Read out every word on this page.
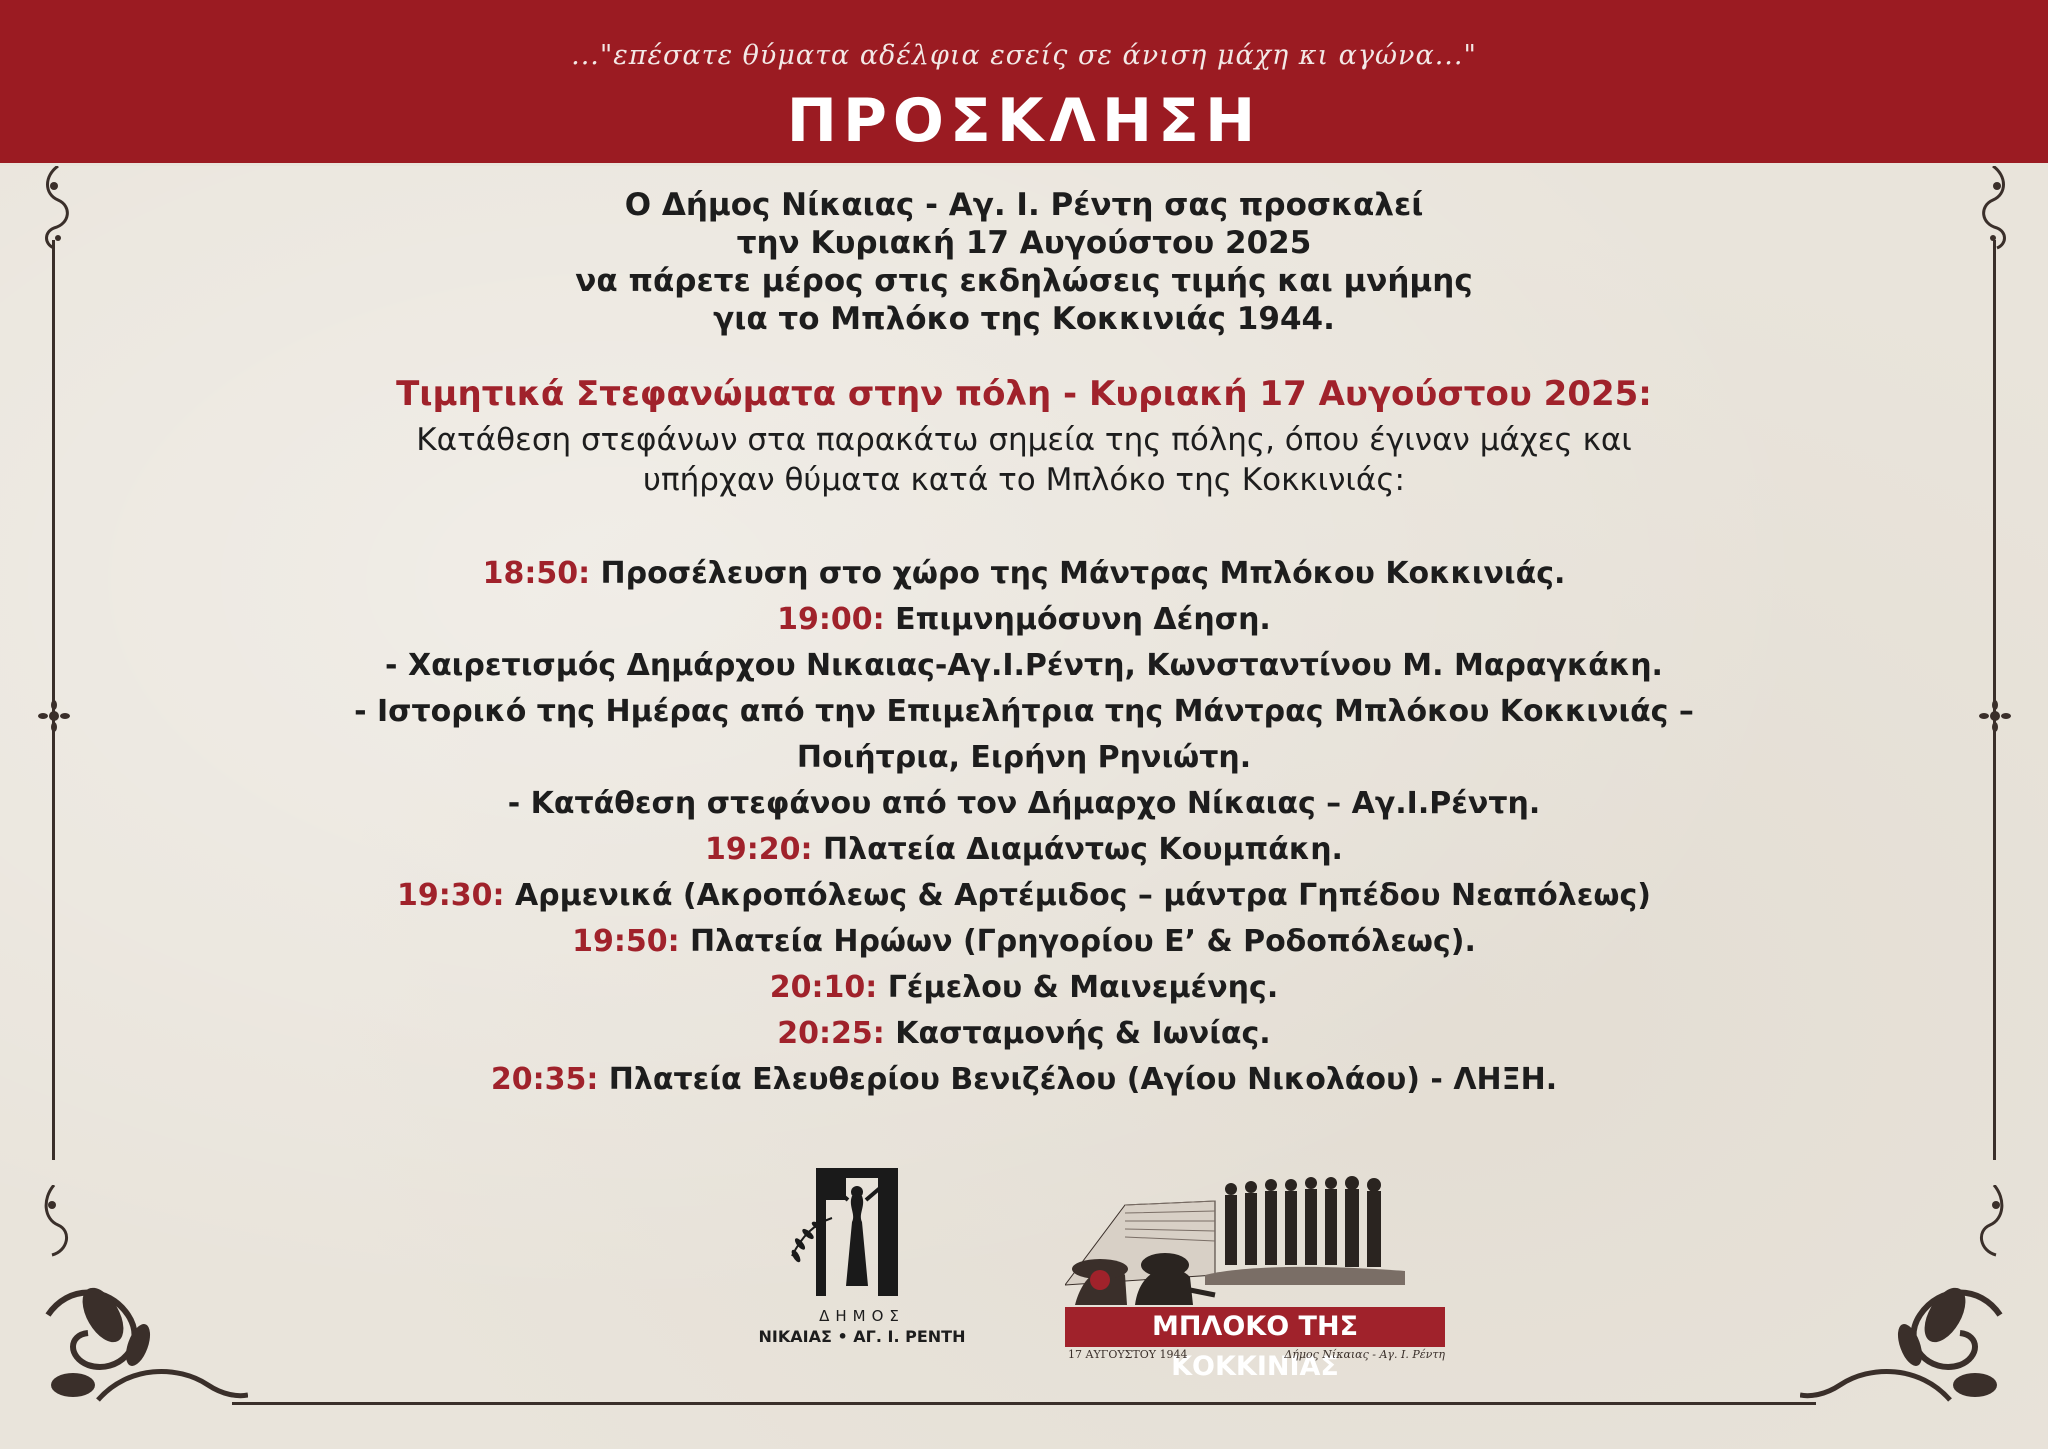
..."επέσατε θύματα αδέλφια εσείς σε άνιση μάχη κι αγώνα..."
ΠΡΟΣΚΛΗΣΗ
Ο Δήμος Νίκαιας - Αγ. Ι. Ρέντη σας προσκαλεί
την Κυριακή 17 Αυγούστου 2025
να πάρετε μέρος στις εκδηλώσεις τιμής και μνήμης
για το Μπλόκο της Κοκκινιάς 1944.
Τιμητικά Στεφανώματα στην πόλη - Κυριακή 17 Αυγούστου 2025:
Κατάθεση στεφάνων στα παρακάτω σημεία της πόλης, όπου έγιναν μάχες και
υπήρχαν θύματα κατά το Μπλόκο της Κοκκινιάς:
18:50: Προσέλευση στο χώρο της Μάντρας Μπλόκου Κοκκινιάς.
19:00: Επιμνημόσυνη Δέηση.
- Χαιρετισμός Δημάρχου Νικαιας-Αγ.Ι.Ρέντη, Κωνσταντίνου Μ. Μαραγκάκη.
- Ιστορικό της Ημέρας από την Επιμελήτρια της Μάντρας Μπλόκου Κοκκινιάς –
Ποιήτρια, Ειρήνη Ρηνιώτη.
- Κατάθεση στεφάνου από τον Δήμαρχο Νίκαιας – Αγ.Ι.Ρέντη.
19:20: Πλατεία Διαμάντως Κουμπάκη.
19:30: Αρμενικά (Ακροπόλεως & Αρτέμιδος – μάντρα Γηπέδου Νεαπόλεως)
19:50: Πλατεία Ηρώων (Γρηγορίου Ε’ & Ροδοπόλεως).
20:10: Γέμελου & Μαινεμένης.
20:25: Κασταμονής & Ιωνίας.
20:35: Πλατεία Ελευθερίου Βενιζέλου (Αγίου Νικολάου) - ΛΗΞΗ.
ΔΗΜΟΣ
ΝΙΚΑΙΑΣ • ΑΓ. Ι. ΡΕΝΤΗ	ΜΠΛΟΚΟ ΤΗΣ ΚΟΚΚΙΝΙΑΣ
17 ΑΥΓΟΥΣΤΟΥ 1944	Δήμος Νίκαιας - Αγ. Ι. Ρέντη
